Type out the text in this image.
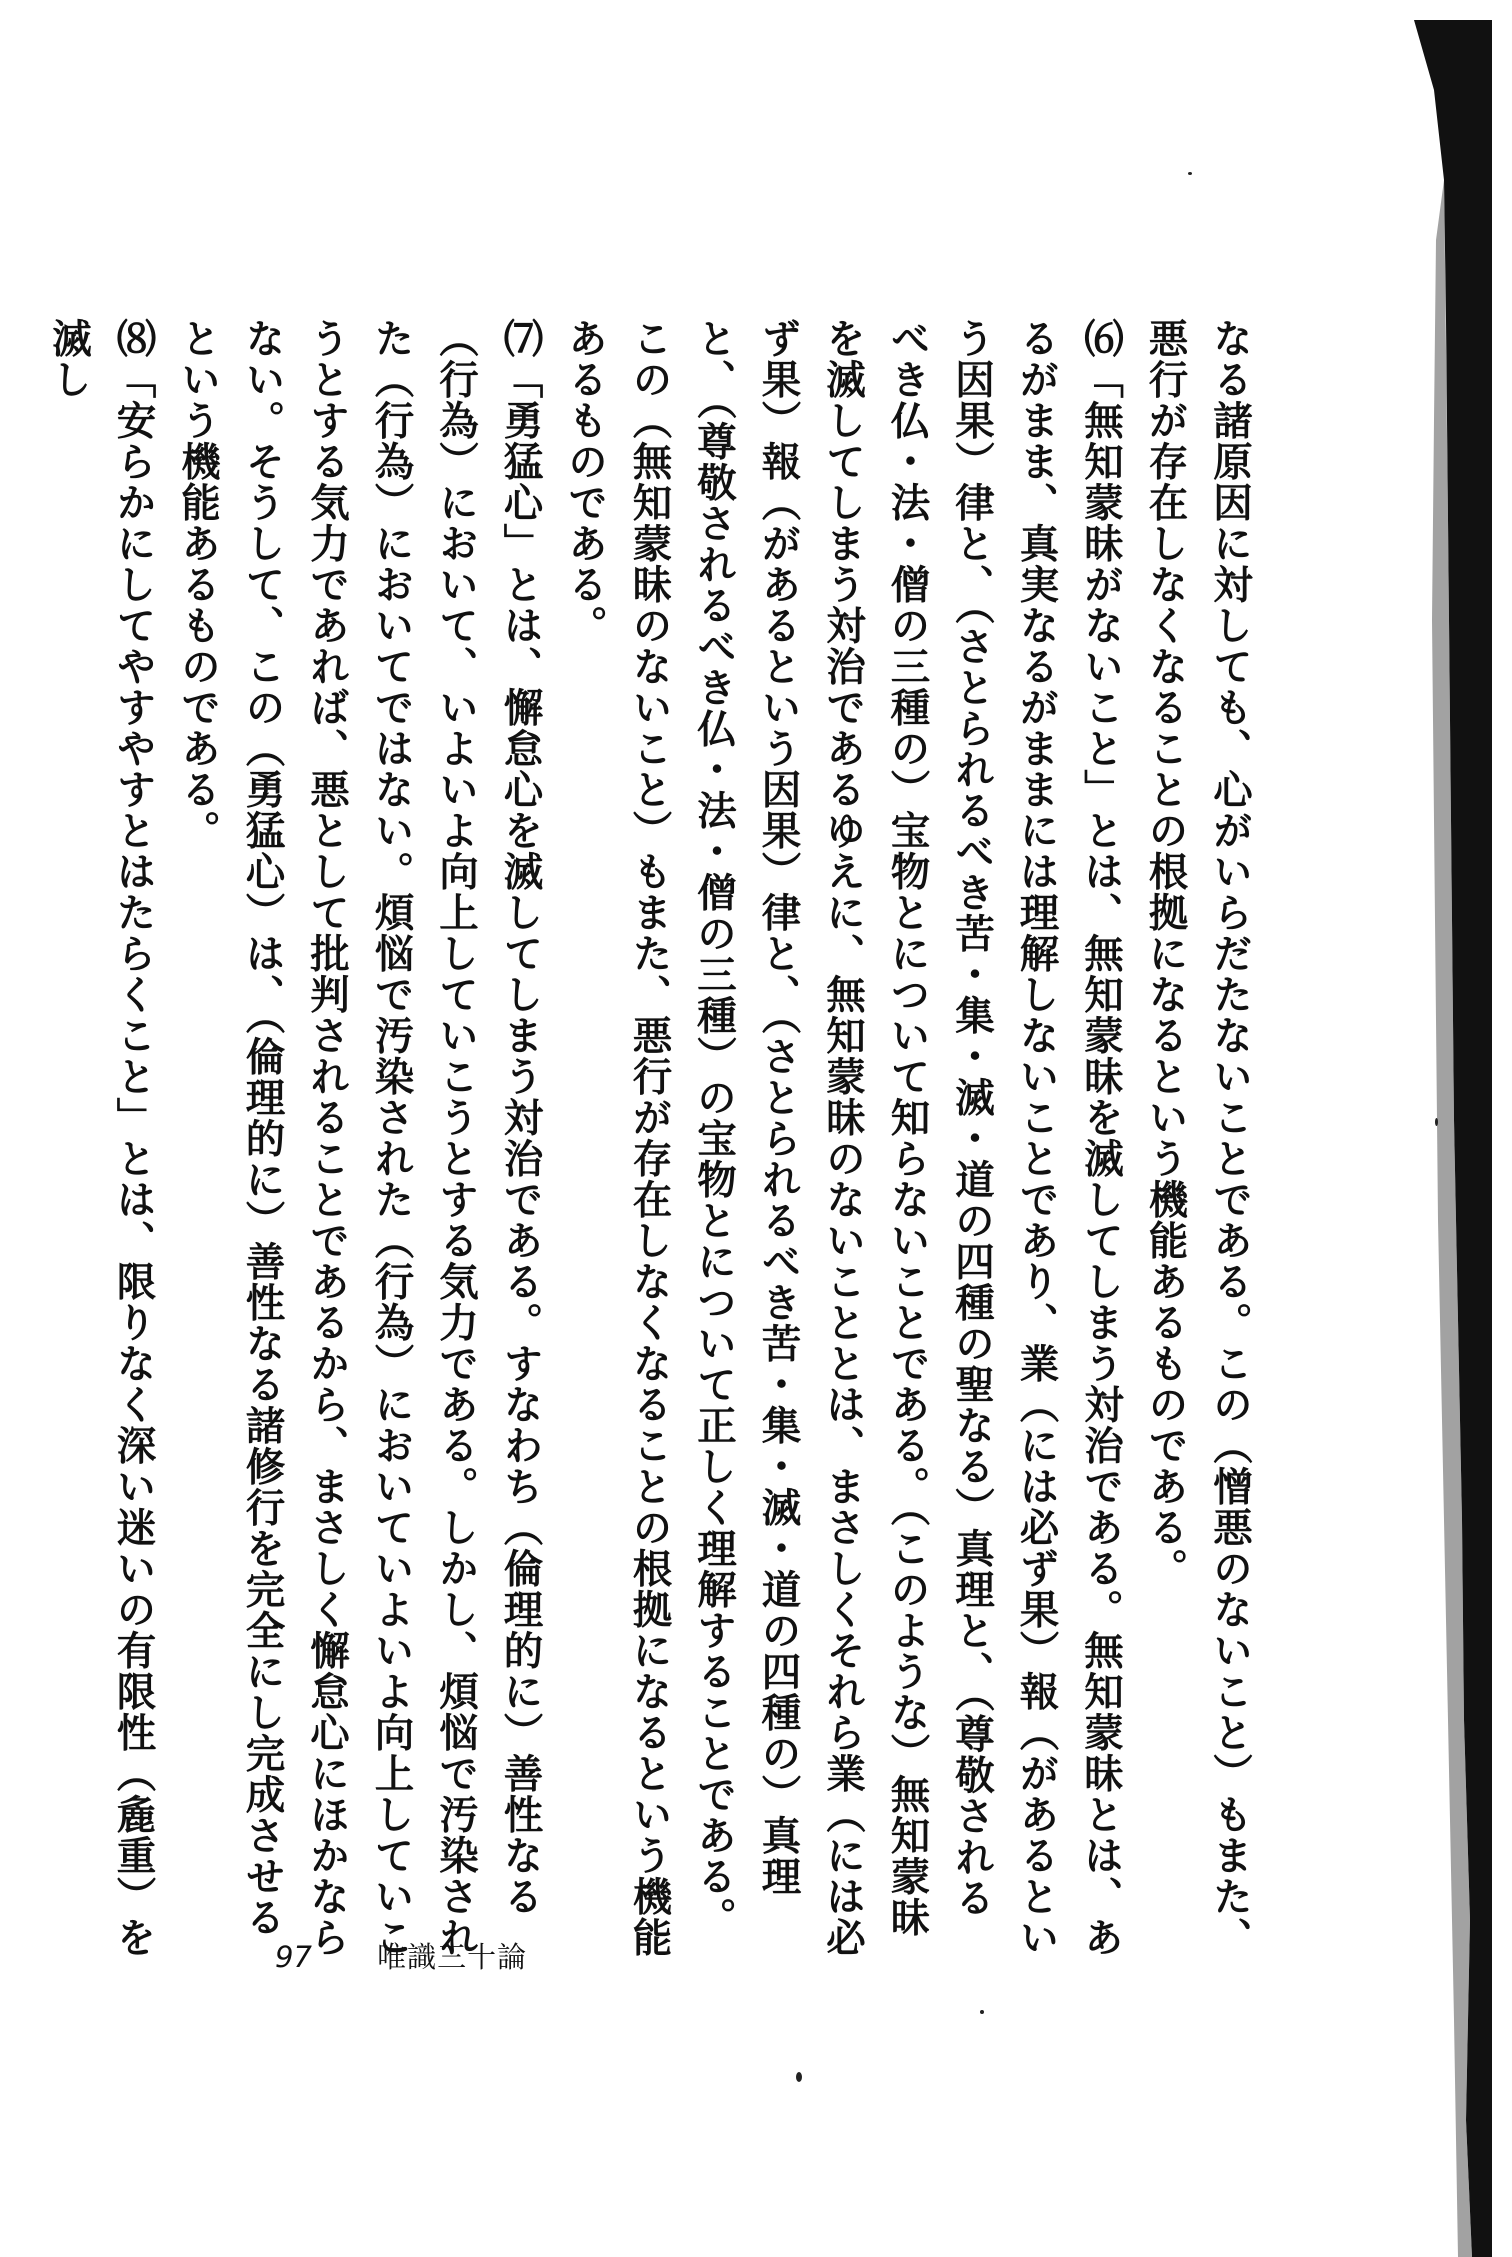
なる諸原因に対しても、心がいらだたないことである。この（憎悪のないこと）もまた、悪行が存在しなくなることの根拠になるという機能あるものである。

⑹「無知蒙昧がないこと」とは、無知蒙昧を滅してしまう対治である。無知蒙昧とは、あるがまま、真実なるがままには理解しないことであり、業（には必ず果）報（があるという因果）律と、（さとられるべき苦・集・滅・道の四種の聖なる）真理と、（尊敬されるべき仏・法・僧の三種の）宝物とについて知らないことである。（このような）無知蒙昧を滅してしまう対治であるゆえに、無知蒙昧のないこととは、まさしくそれら業（には必ず果）報（があるという因果）律と、（さとられるべき苦・集・滅・道の四種の）真理と、（尊敬されるべき仏・法・僧の三種）の宝物とについて正しく理解することである。この（無知蒙昧のないこと）もまた、悪行が存在しなくなることの根拠になるという機能あるものである。

⑺「勇猛心」とは、懈怠心を滅してしまう対治である。すなわち（倫理的に）善性なる（行為）において、いよいよ向上していこうとする気力である。しかし、煩悩で汚染された（行為）においてではない。煩悩で汚染された（行為）においていよいよ向上していこうとする気力であれば、悪として批判されることであるから、まさしく懈怠心にほかならない。そうして、この（勇猛心）は、（倫理的に）善性なる諸修行を完全にし完成させるという機能あるものである。

⑻「安らかにしてやすやすとはたらくこと」とは、限りなく深い迷いの有限性（麁重）を滅し

97 唯識三十論
